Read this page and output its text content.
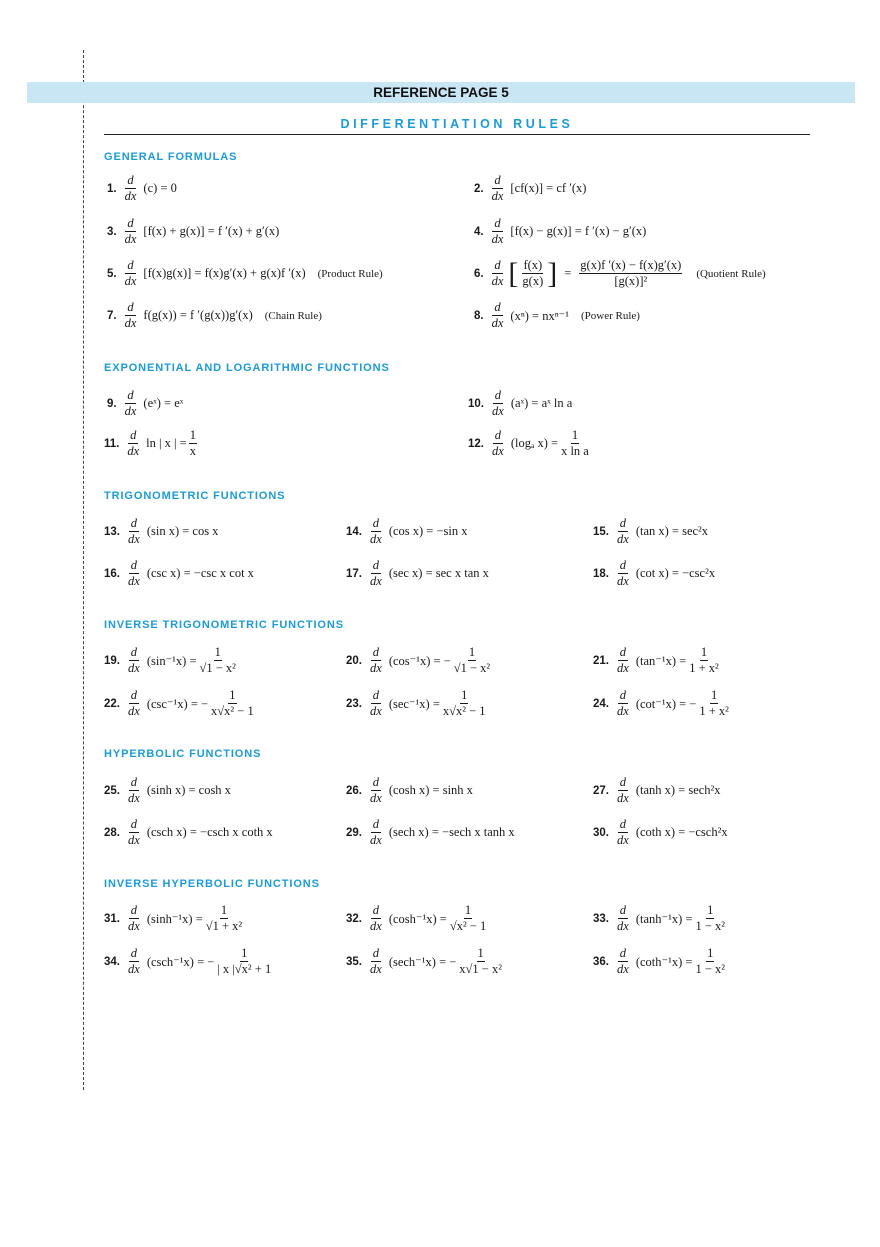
REFERENCE PAGE 5
DIFFERENTIATION RULES
GENERAL FORMULAS
EXPONENTIAL AND LOGARITHMIC FUNCTIONS
TRIGONOMETRIC FUNCTIONS
INVERSE TRIGONOMETRIC FUNCTIONS
HYPERBOLIC FUNCTIONS
INVERSE HYPERBOLIC FUNCTIONS
1. $\frac{d}{dx} (c) = 0$	2. $\frac{d}{dx} [cf(x)]$ = cf ′(x)
3. $\frac{d}{dx} [f(x) + g(x)] = f$ ′(x) + g′(x)	4. $\frac{d}{dx} [f(x) - g(x)] = f$ ′(x) − g′(x)
5. $\frac{d}{dx} [f(x)g(x)] = f(x)g'(x) + g(x)f$ ′(x) (Product Rule)	6. $\frac{d}{dx}$ [ $\frac{f(x)}{g(x)}$ ] = $\frac{g(x)f '(x) - f(x)g'(x)}{\text{[g(x)]²}}$ (Quotient Rule)
7. $\frac{d}{dx} f(g(x)) = f$ ′(g(x))g′(x) (Chain Rule)	8. $\frac{d}{dx} (x^n) = nx^{n-1}$ (Power Rule)
9. $\frac{d}{dx}$ (eˣ) = eˣ	10. $\frac{d}{dx}$ (aˣ) = aˣ ln a
11. $\frac{d}{dx}$ ln | x | = $\frac{1}{x}$	12. $\frac{d}{dx} (\log_a$ $x) = \frac{1}{\text{x ln a}}$
13. $\frac{d}{dx} (\sin$ x) = cos x	14. $\frac{d}{dx} (\cos$ x) = −sin x	15. $\frac{d}{dx} (\tan$ x) = sec²x
16. $\frac{d}{dx} (\csc$ x) = −csc x cot x	17. $\frac{d}{dx} (\sec$ x) = sec x tan x	18. $\frac{d}{dx} (\cot$ x) = −csc²x
19. $\frac{d}{dx} (\sin^{-1}x) = \frac{1}{\text{√1 − x²}}$	20. $\frac{d}{dx} (\cos^{-1}x)$ = − $\frac{1}{\text{√1 − x²}}$	21. $\frac{d}{dx} (\tan^{-1}x) = \frac{1}{\text{1 + x²}}$
22. $\frac{d}{dx} (\csc^{-1}x)$ = − $\frac{1}{\text{x√x² − 1}}$	23. $\frac{d}{dx} (\sec^{-1}x) = \frac{1}{\text{x√x² − 1}}$	24. $\frac{d}{dx} (\cot^{-1}x)$ = − $\frac{1}{\text{1 + x²}}$
25. $\frac{d}{dx} (\sinh$ x) = cosh x	26. $\frac{d}{dx} (\cosh$ x) = sinh x	27. $\frac{d}{dx} (\tanh$ x) = sech²x
28. $\frac{d}{dx} (\csc h$ x) = −csch x coth x	29. $\frac{d}{dx} (\sec h$ x) = −sech x tanh x	30. $\frac{d}{dx} (\cot h$ x) = −csch²x
31. $\frac{d}{dx} (\sinh^{-1}x) = \frac{1}{\text{√1 + x²}}$	32. $\frac{d}{dx} (\cosh^{-1}x) = \frac{1}{\text{√x² − 1}}$	33. $\frac{d}{dx} (\tanh^{-1}x) = \frac{1}{\text{1 − x²}}$
34. $\frac{d}{dx} (\csc h^{-1}x)$ = − $\frac{1}{\text{| x |√x² + 1}}$	35. $\frac{d}{dx} (\sec h^{-1}x)$ = − $\frac{1}{\text{x√1 − x²}}$	36. $\frac{d}{dx} (\cot h^{-1}x) = \frac{1}{\text{1 − x²}}$
